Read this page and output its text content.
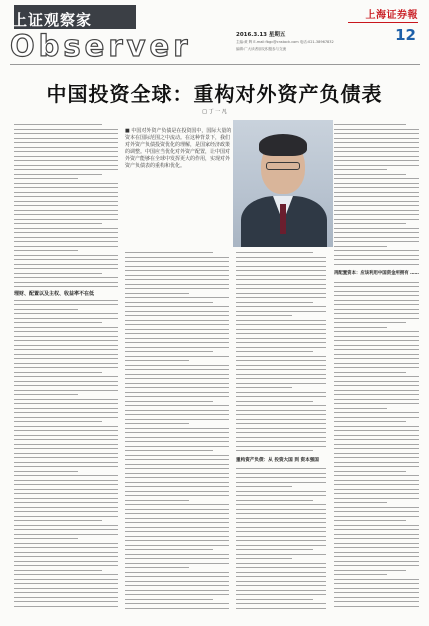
上证观察家
Observer	2016.3.13 星期五
主编:黄 辉 E-mail:fbgc@cnstock.com 电话:021-38967832
编辑:广大读者朋友积极参与交流
上海证券報
12
中国投资全球：重构对外资产负债表
□ 丁 一 凡
■ 中国对外资产负债是在投资国中，国际大量的资本在国际范围之中流动。在这种背景下，我们对外资产负债投资优化的理解，是国家经济政策的调整。中国应当优化对外资产配置，让中国对外资产能够在全球中发挥更大的作用，实现对外资产负债表的重构和优化。
理财、配置以及主权、收益率不在低
重构资产负债：从 投资大国 到 资本强国
再配置资本：应该利用中国资金所拥有 ……
